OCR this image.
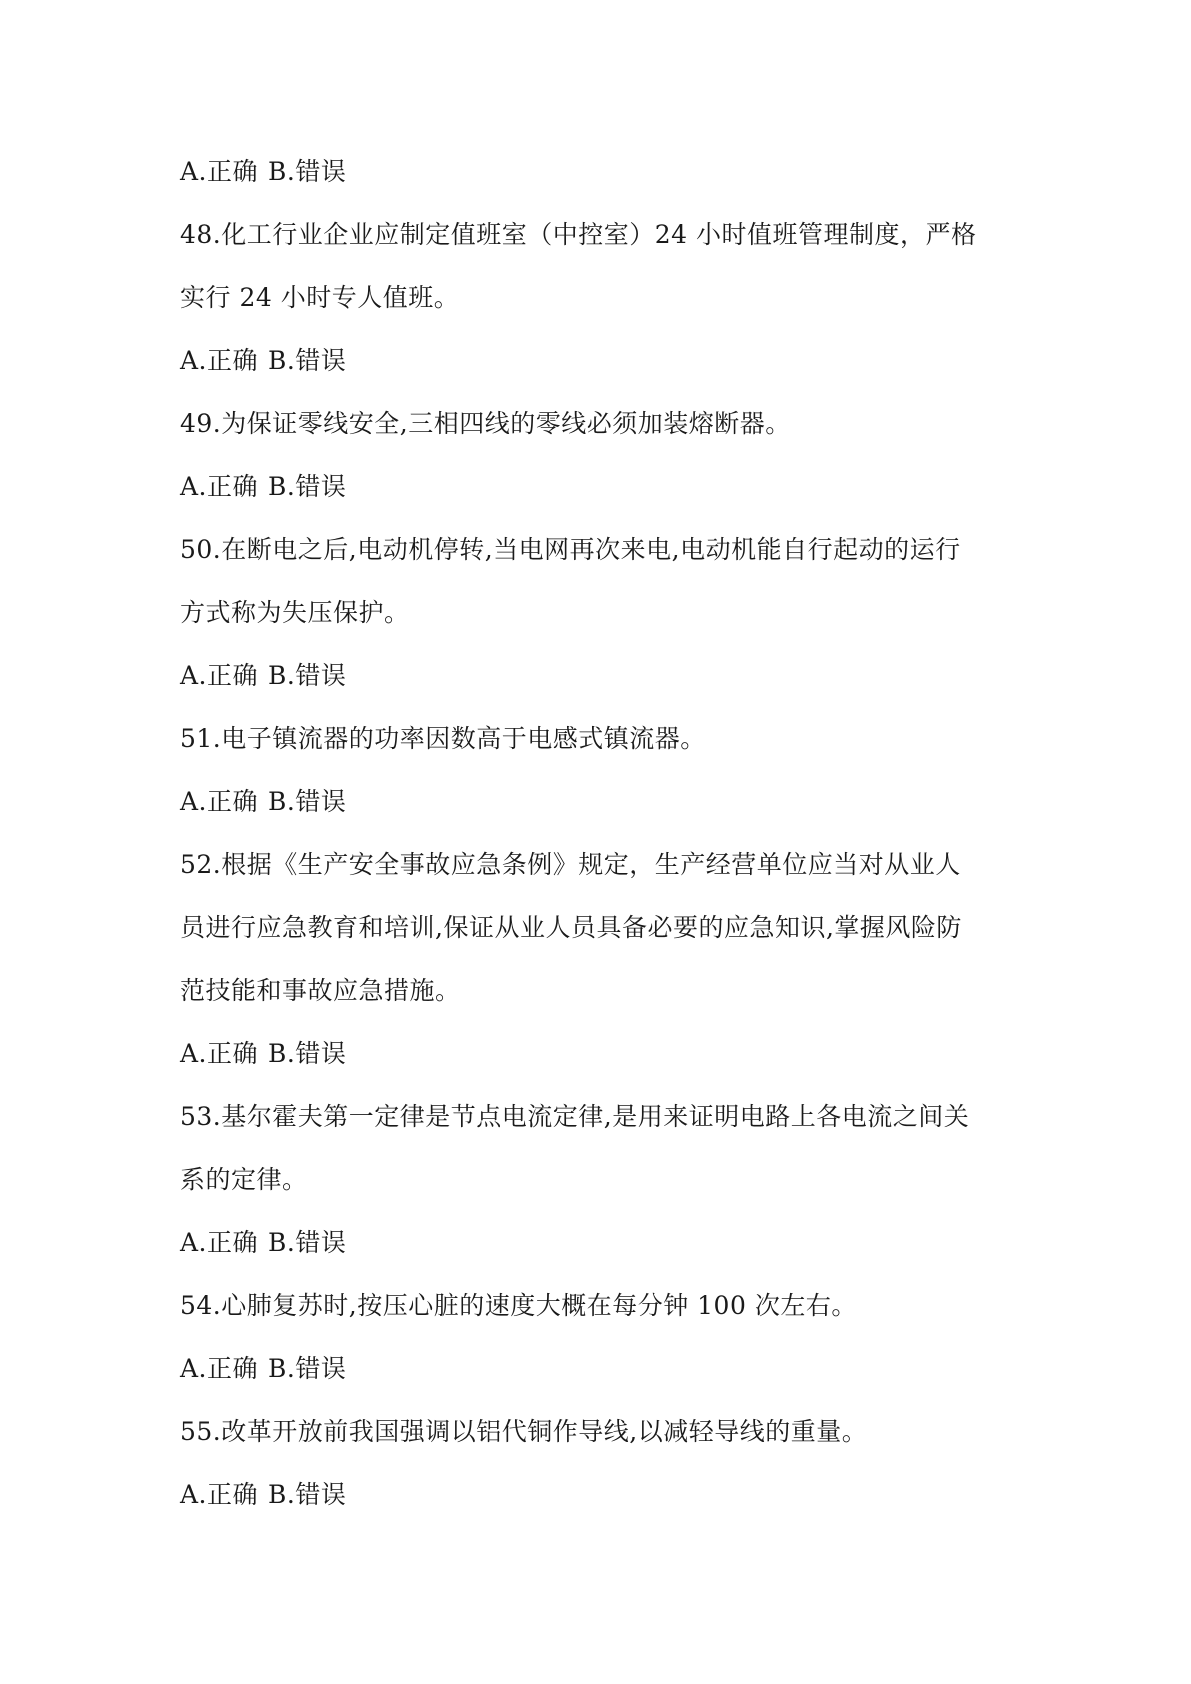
A.正确 B.错误
48.化工行业企业应制定值班室（中控室）24 小时值班管理制度，严格
实行 24 小时专人值班。
A.正确 B.错误
49.为保证零线安全,三相四线的零线必须加装熔断器。
A.正确 B.错误
50.在断电之后,电动机停转,当电网再次来电,电动机能自行起动的运行
方式称为失压保护。
A.正确 B.错误
51.电子镇流器的功率因数高于电感式镇流器。
A.正确 B.错误
52.根据《生产安全事故应急条例》规定，生产经营单位应当对从业人
员进行应急教育和培训,保证从业人员具备必要的应急知识,掌握风险防
范技能和事故应急措施。
A.正确 B.错误
53.基尔霍夫第一定律是节点电流定律,是用来证明电路上各电流之间关
系的定律。
A.正确 B.错误
54.心肺复苏时,按压心脏的速度大概在每分钟 100 次左右。
A.正确 B.错误
55.改革开放前我国强调以铝代铜作导线,以减轻导线的重量。
A.正确 B.错误
